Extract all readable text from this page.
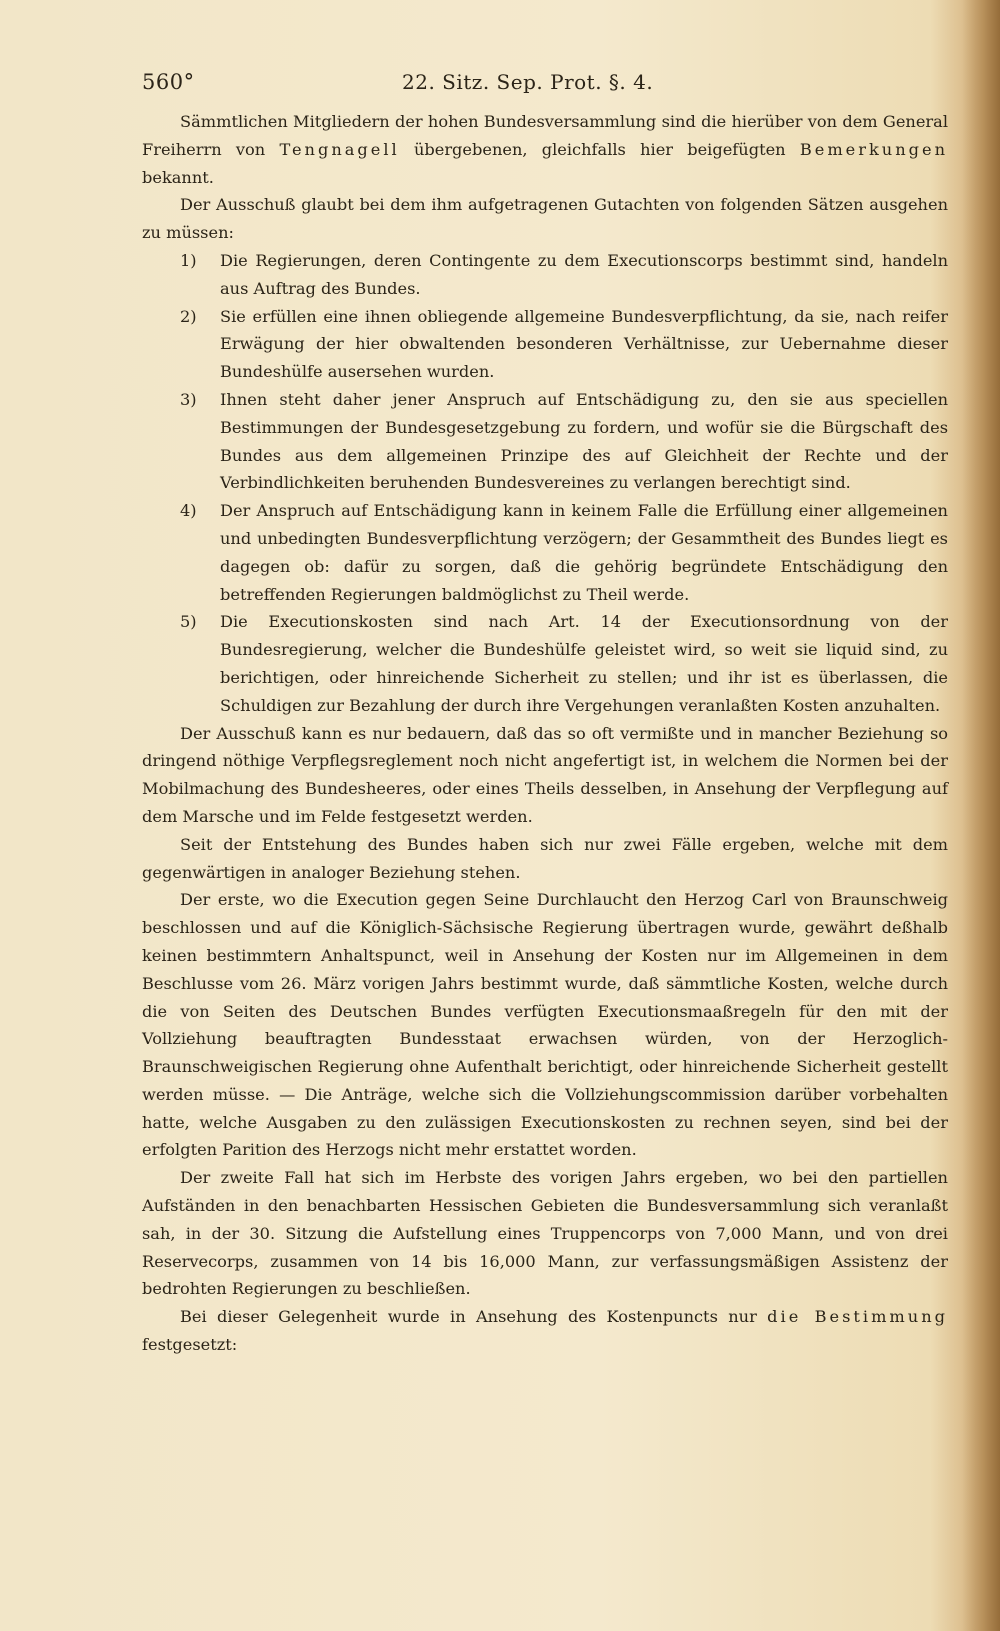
560°	22. Sitz. Sep. Prot. §. 4.

Sämmtlichen Mitgliedern der hohen Bundesversammlung sind die hierüber von dem General Freiherrn von Tengnagell übergebenen, gleichfalls hier beigefügten Bemerkungen bekannt.

Der Ausschuß glaubt bei dem ihm aufgetragenen Gutachten von folgenden Sätzen ausgehen zu müssen:

1) Die Regierungen, deren Contingente zu dem Executionscorps bestimmt sind, handeln aus Auftrag des Bundes.
2) Sie erfüllen eine ihnen obliegende allgemeine Bundesverpflichtung, da sie, nach reifer Erwägung der hier obwaltenden besonderen Verhältnisse, zur Uebernahme dieser Bundeshülfe ausersehen wurden.
3) Ihnen steht daher jener Anspruch auf Entschädigung zu, den sie aus speciellen Bestimmungen der Bundesgesetzgebung zu fordern, und wofür sie die Bürgschaft des Bundes aus dem allgemeinen Prinzipe des auf Gleichheit der Rechte und der Verbindlichkeiten beruhenden Bundesvereines zu verlangen berechtigt sind.
4) Der Anspruch auf Entschädigung kann in keinem Falle die Erfüllung einer allgemeinen und unbedingten Bundesverpflichtung verzögern; der Gesammtheit des Bundes liegt es dagegen ob: dafür zu sorgen, daß die gehörig begründete Entschädigung den betreffenden Regierungen baldmöglichst zu Theil werde.
5) Die Executionskosten sind nach Art. 14 der Executionsordnung von der Bundesregierung, welcher die Bundeshülfe geleistet wird, so weit sie liquid sind, zu berichtigen, oder hinreichende Sicherheit zu stellen; und ihr ist es überlassen, die Schuldigen zur Bezahlung der durch ihre Vergehungen veranlaßten Kosten anzuhalten.

Der Ausschuß kann es nur bedauern, daß das so oft vermißte und in mancher Beziehung so dringend nöthige Verpflegsreglement noch nicht angefertigt ist, in welchem die Normen bei der Mobilmachung des Bundesheeres, oder eines Theils desselben, in Ansehung der Verpflegung auf dem Marsche und im Felde festgesetzt werden.

Seit der Entstehung des Bundes haben sich nur zwei Fälle ergeben, welche mit dem gegenwärtigen in analoger Beziehung stehen.

Der erste, wo die Execution gegen Seine Durchlaucht den Herzog Carl von Braunschweig beschlossen und auf die Königlich-Sächsische Regierung übertragen wurde, gewährt deßhalb keinen bestimmtern Anhaltspunct, weil in Ansehung der Kosten nur im Allgemeinen in dem Beschlusse vom 26. März vorigen Jahrs bestimmt wurde, daß sämmtliche Kosten, welche durch die von Seiten des Deutschen Bundes verfügten Executionsmaaßregeln für den mit der Vollziehung beauftragten Bundesstaat erwachsen würden, von der Herzoglich-Braunschweigischen Regierung ohne Aufenthalt berichtigt, oder hinreichende Sicherheit gestellt werden müsse. — Die Anträge, welche sich die Vollziehungscommission darüber vorbehalten hatte, welche Ausgaben zu den zulässigen Executionskosten zu rechnen seyen, sind bei der erfolgten Parition des Herzogs nicht mehr erstattet worden.

Der zweite Fall hat sich im Herbste des vorigen Jahrs ergeben, wo bei den partiellen Aufständen in den benachbarten Hessischen Gebieten die Bundesversammlung sich veranlaßt sah, in der 30. Sitzung die Aufstellung eines Truppencorps von 7,000 Mann, und von drei Reservecorps, zusammen von 14 bis 16,000 Mann, zur verfassungsmäßigen Assistenz der bedrohten Regierungen zu beschließen.

Bei dieser Gelegenheit wurde in Ansehung des Kostenpuncts nur die Bestimmung festgesetzt:
